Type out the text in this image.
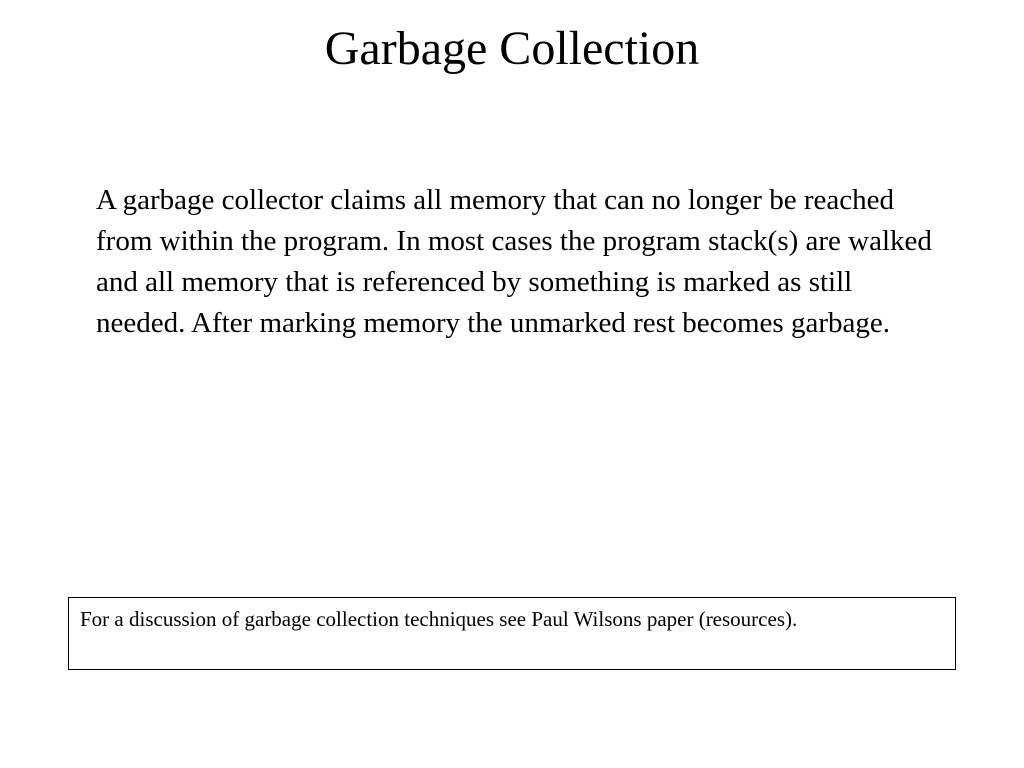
Garbage Collection

A garbage collector claims all memory that can no longer be reached from within the program. In most cases the program stack(s) are walked and all memory that is referenced by something is marked as still needed. After marking memory the unmarked rest becomes garbage.

For a discussion of garbage collection techniques see Paul Wilsons paper (resources).
